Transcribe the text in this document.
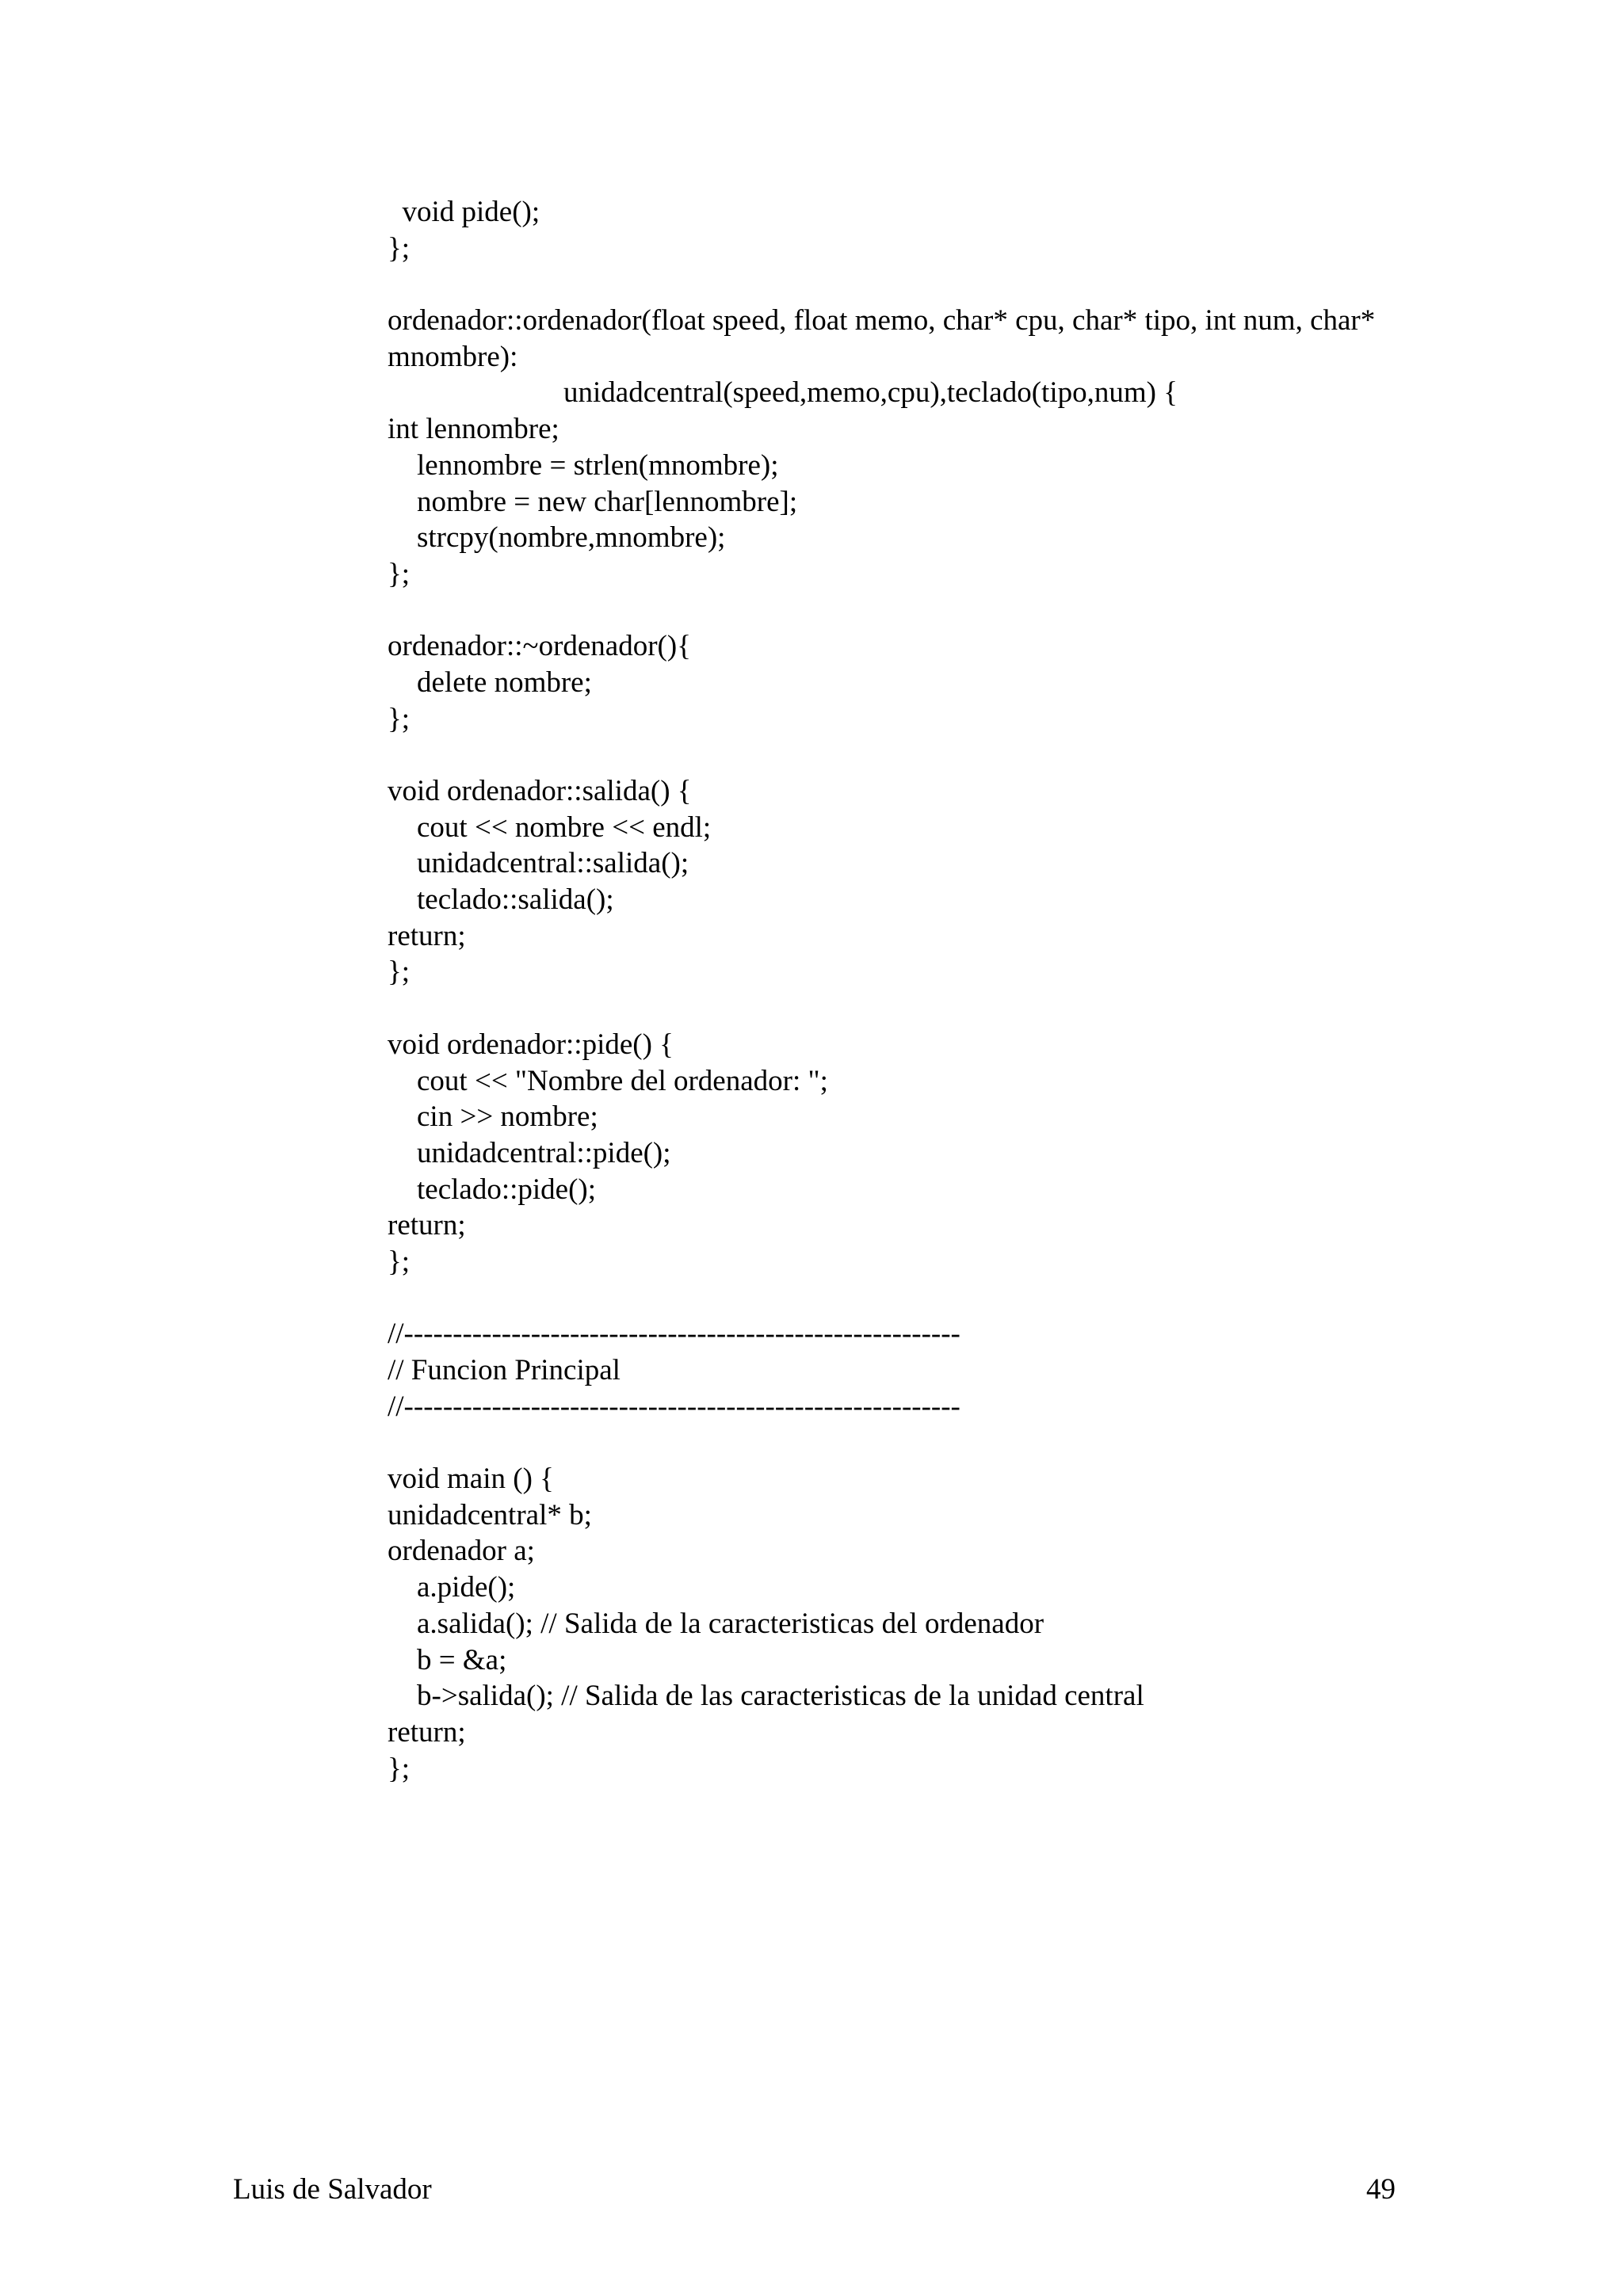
void pide();
};
ordenador::ordenador(float speed, float memo, char* cpu, char* tipo, int num, char*
mnombre):
unidadcentral(speed,memo,cpu),teclado(tipo,num) {
int lennombre;
lennombre = strlen(mnombre);
nombre = new char[lennombre];
strcpy(nombre,mnombre);
};
ordenador::~ordenador(){
delete nombre;
};
void ordenador::salida() {
cout << nombre << endl;
unidadcentral::salida();
teclado::salida();
return;
};
void ordenador::pide() {
cout << "Nombre del ordenador: ";
cin >> nombre;
unidadcentral::pide();
teclado::pide();
return;
};
//---------------------------------------------------------
// Funcion Principal
//---------------------------------------------------------
void main () {
unidadcentral* b;
ordenador a;
a.pide();
a.salida(); // Salida de la caracteristicas del ordenador
b = &a;
b->salida(); // Salida de las caracteristicas de la unidad central
return;
};
Luis de Salvador	49
